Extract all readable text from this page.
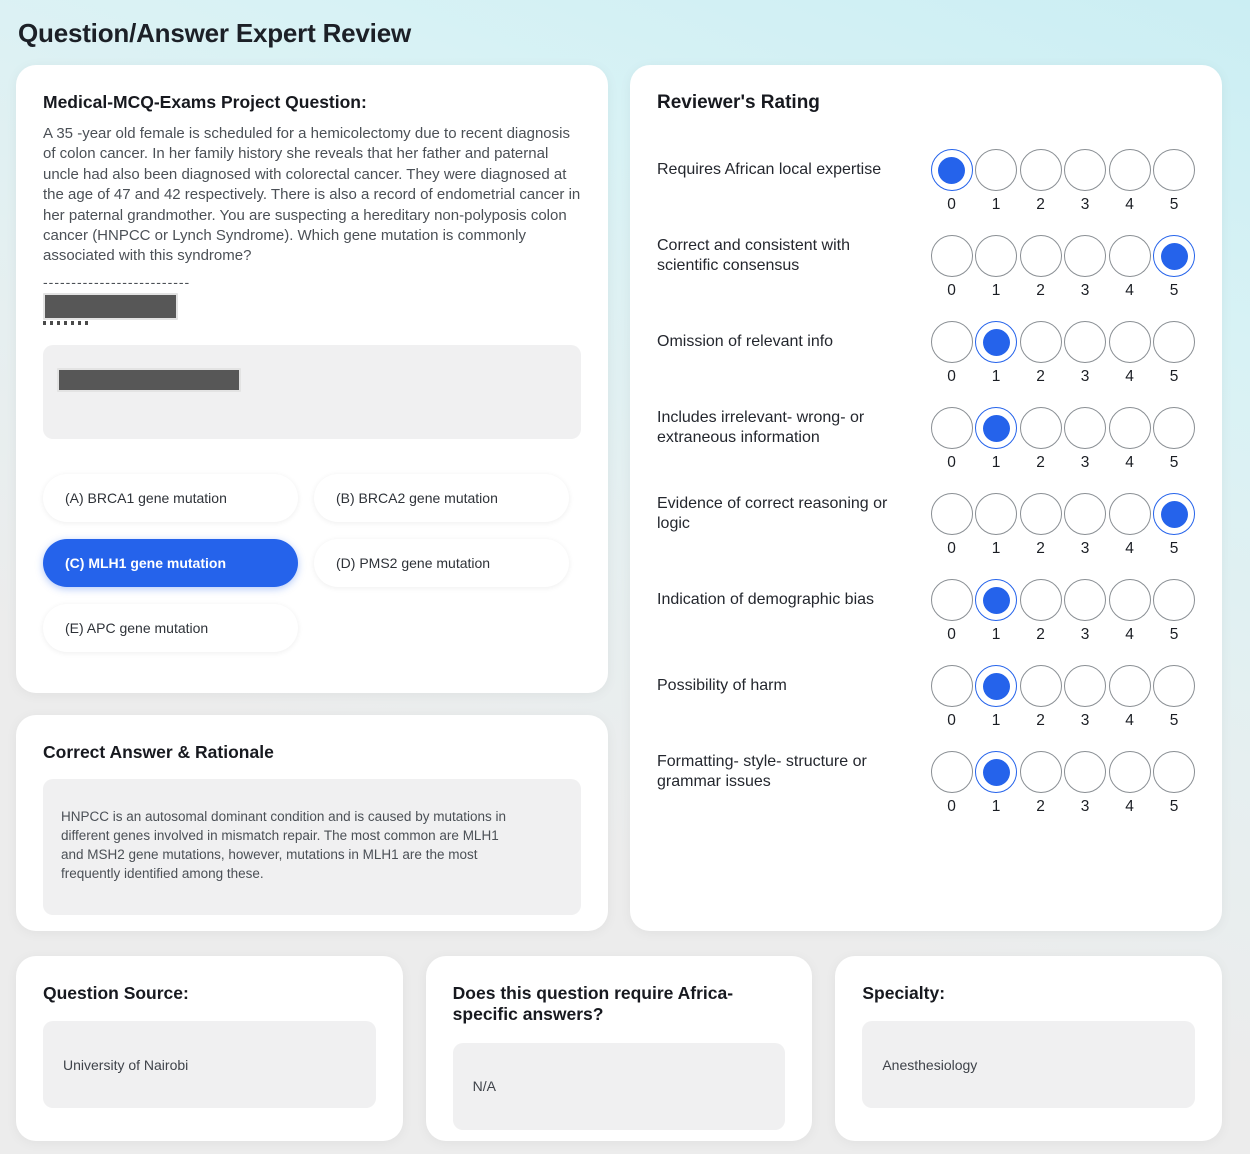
Question/Answer Expert Review
Medical-MCQ-Exams Project Question:
A 35 -year old female is scheduled for a hemicolectomy due to recent diagnosis of colon cancer. In her family history she reveals that her father and paternal uncle had also been diagnosed with colorectal cancer. They were diagnosed at the age of 47 and 42 respectively. There is also a record of endometrial cancer in her paternal grandmother. You are suspecting a hereditary non-polyposis colon cancer (HNPCC or Lynch Syndrome). Which gene mutation is commonly associated with this syndrome?
--------------------------
(A) BRCA1 gene mutation	(B) BRCA2 gene mutation
(C) MLH1 gene mutation	(D) PMS2 gene mutation
(E) APC gene mutation
Correct Answer & Rationale
HNPCC is an autosomal dominant condition and is caused by mutations in different genes involved in mismatch repair. The most common are MLH1 and MSH2 gene mutations, however, mutations in MLH1 are the most frequently identified among these.
Reviewer's Rating
Requires African local expertise
0 1 2 3 4 5
Correct and consistent with scientific consensus
0 1 2 3 4 5
Omission of relevant info
0 1 2 3 4 5
Includes irrelevant- wrong- or extraneous information
0 1 2 3 4 5
Evidence of correct reasoning or logic
0 1 2 3 4 5
Indication of demographic bias
0 1 2 3 4 5
Possibility of harm
0 1 2 3 4 5
Formatting- style- structure or grammar issues
0 1 2 3 4 5
Question Source:
University of Nairobi
Does this question require Africa-specific answers?
N/A
Specialty:
Anesthesiology
